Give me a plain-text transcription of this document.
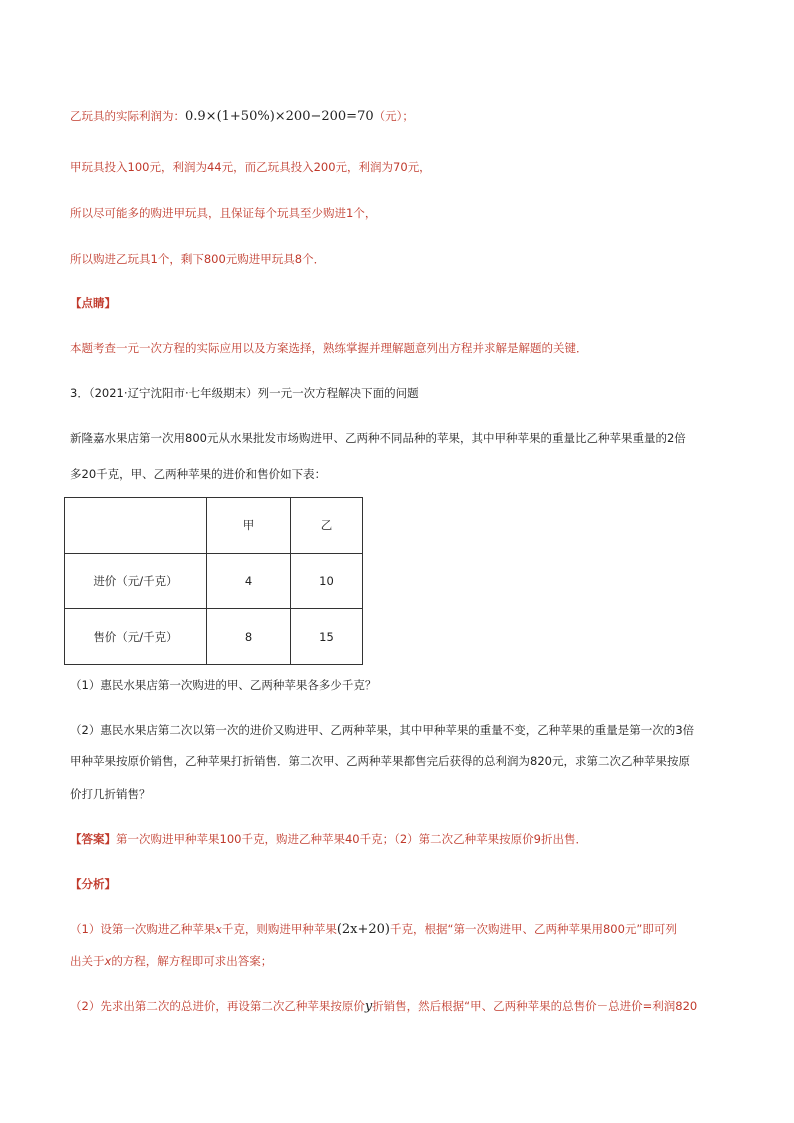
乙玩具的实际利润为：0.9×(1+50%)×200−200=70（元）；
甲玩具投入100元，利润为44元，而乙玩具投入200元，利润为70元，
所以尽可能多的购进甲玩具，且保证每个玩具至少购进1个，
所以购进乙玩具1个，剩下800元购进甲玩具8个．
【点睛】
本题考查一元一次方程的实际应用以及方案选择，熟练掌握并理解题意列出方程并求解是解题的关键．
3．（2021·辽宁沈阳市·七年级期末）列一元一次方程解决下面的问题
新隆嘉水果店第一次用800元从水果批发市场购进甲、乙两种不同品种的苹果，其中甲种苹果的重量比乙种苹果重量的2倍
多20千克，甲、乙两种苹果的进价和售价如下表：
	甲	乙
进价（元/千克）	4	10
售价（元/千克）	8	15
（1）惠民水果店第一次购进的甲、乙两种苹果各多少千克？
（2）惠民水果店第二次以第一次的进价又购进甲、乙两种苹果，其中甲种苹果的重量不变，乙种苹果的重量是第一次的3倍
甲种苹果按原价销售，乙种苹果打折销售．第二次甲、乙两种苹果都售完后获得的总利润为820元，求第二次乙种苹果按原
价打几折销售？
【答案】第一次购进甲种苹果100千克，购进乙种苹果40千克；（2）第二次乙种苹果按原价9折出售．
【分析】
（1）设第一次购进乙种苹果x千克，则购进甲种苹果(2x+20)千克，根据“第一次购进甲、乙两种苹果用800元”即可列
出关于x的方程，解方程即可求出答案；
（2）先求出第二次的总进价，再设第二次乙种苹果按原价y折销售，然后根据“甲、乙两种苹果的总售价－总进价=利润820
